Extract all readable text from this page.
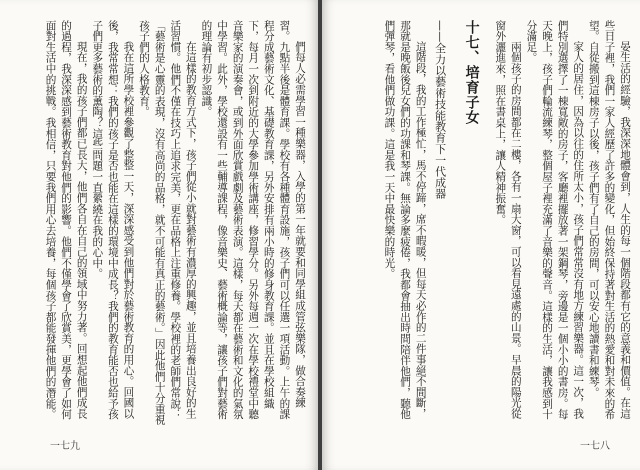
們每人必需學習一種樂器，入學的第一年就要和同學組成管弦樂隊，做合奏練習。九點半後是體育課。學校有各種體育設施，孩子們可以任選一項活動。上午的課程分成藝術文化、基礎教育課，另外安排有兩小時的修身教育課。並且在學校組織下，每月一次到附近的大學參加學術講座，修習學分。另外每週一次在學校禮堂中聽音樂家的演奏會，或到外面欣賞戲劇及藝術表演。這樣，每天都在藝術和文化的氣氛中學習。此外，學校還設有一些輔導課程，像音樂史、藝術概論等，讓孩子們對藝術的理論有初步認識。

在這樣的教育方式下，孩子們從小就對藝術有濃厚的興趣，並且培養出良好的生活習慣。他們不僅在技巧上追求完美，更在品格上注重修養。學校裡的老師們常說：「藝術是心靈的表現，沒有高尚的品格，就不可能有真正的藝術。」因此他們十分重視孩子們的人格教育。

我在這所學校裡參觀了整整一天，深深感受到他們對於藝術教育的用心。回國以後，我常常想：我們的孩子是否也能在這樣的環境中成長？我們的教育能否也給予孩子們更多藝術的薰陶？這些問題一直縈繞在我的心中。

現在，我的孩子們都已長大，他們各自在自己的領域中努力著。回想起他們成長的過程，我深深感到藝術教育對他們的影響。他們不僅學會了欣賞美，更學會了如何面對生活中的挑戰。我相信，只要我們用心去培養，每個孩子都能發揮他們的潛能。

一七九

晏生活的經驗，我深深地體會到，人生的每一個階段都有它的意義和價值。在這些日子裡，我們一家人經歷了許多的變化，但始終保持著對生活的熱愛和對未來的希望。自從搬到這棟房子以後，孩子們有了自己的房間，可以安心地讀書和練琴。

家人的居住，因為以往的住所太小，孩子們常常沒有地方練習樂器。這一次，我們特別選擇了一棟寬敞的房子，客廳裡擺放著一架鋼琴，旁邊是一個小小的書房。每天晚上，孩子們輪流練琴，整個屋子裡充滿了音樂的聲音。這樣的生活，讓我感到十分滿足。

兩個孩子的房間都在二樓，各有一扇大窗，可以看見遠處的山景。早晨的陽光從窗外灑進來，照在書桌上，讓人精神振奮。

十七、培育子女

——全力以藝術技能教育下一代成器

這階段，我的工作極忙，馬不停蹄，席不暇暖，但每天必作的二件事絕不間斷，那就是晚飯後兒女們的功課和琴課。無論多麼疲倦，我都會抽出時間陪伴他們，聽他們彈琴，看他們做功課。這是我一天中最快樂的時光。

一七八
